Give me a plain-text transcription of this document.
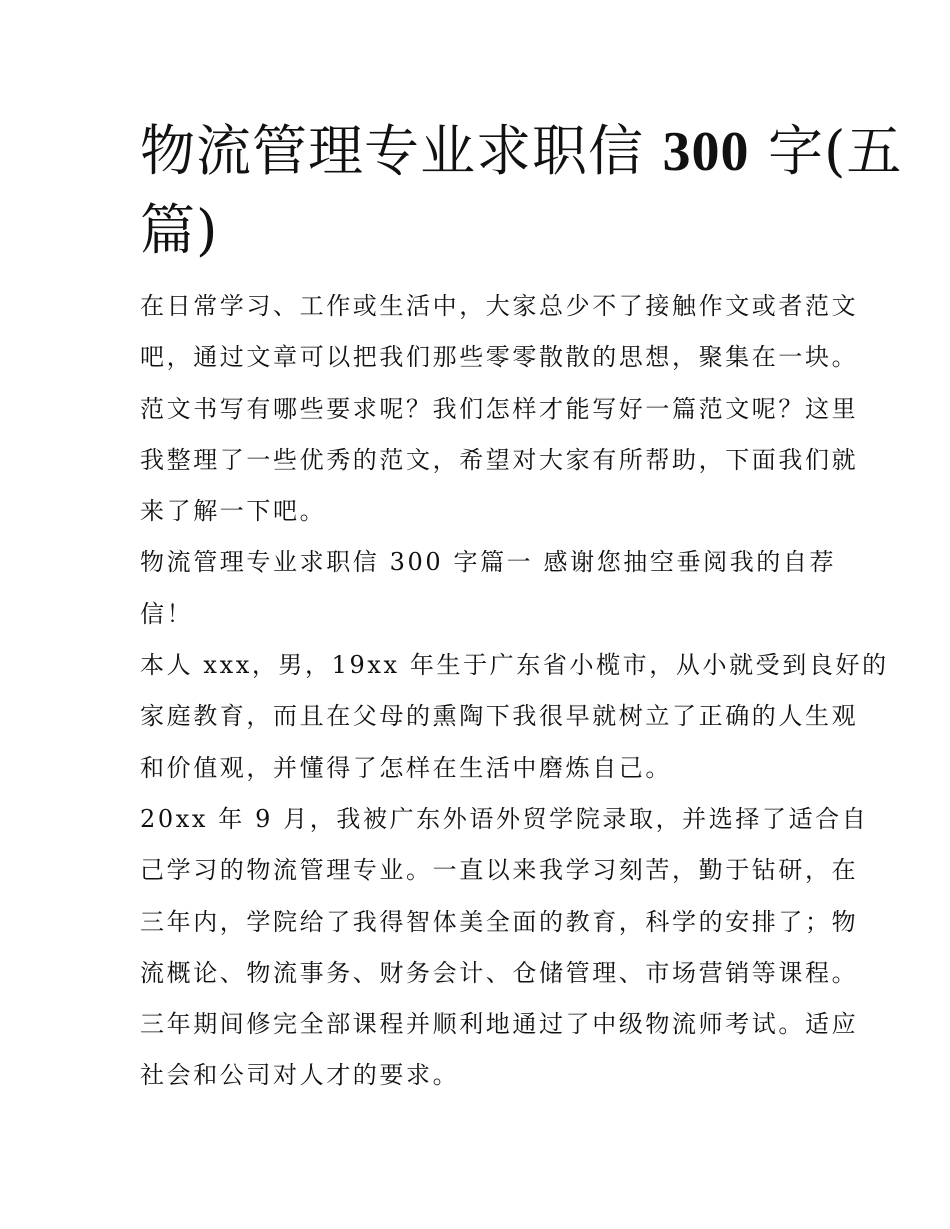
物流管理专业求职信 300 字(五
篇)
在日常学习、工作或生活中，大家总少不了接触作文或者范文
吧，通过文章可以把我们那些零零散散的思想，聚集在一块。
范文书写有哪些要求呢？我们怎样才能写好一篇范文呢？这里
我整理了一些优秀的范文，希望对大家有所帮助，下面我们就
来了解一下吧。
物流管理专业求职信 300 字篇一 感谢您抽空垂阅我的自荐
信！
本人 xxx，男，19xx 年生于广东省小榄市，从小就受到良好的
家庭教育，而且在父母的熏陶下我很早就树立了正确的人生观
和价值观，并懂得了怎样在生活中磨炼自己。
20xx 年 9 月，我被广东外语外贸学院录取，并选择了适合自
己学习的物流管理专业。一直以来我学习刻苦，勤于钻研，在
三年内，学院给了我得智体美全面的教育，科学的安排了；物
流概论、物流事务、财务会计、仓储管理、市场营销等课程。
三年期间修完全部课程并顺利地通过了中级物流师考试。适应
社会和公司对人才的要求。
